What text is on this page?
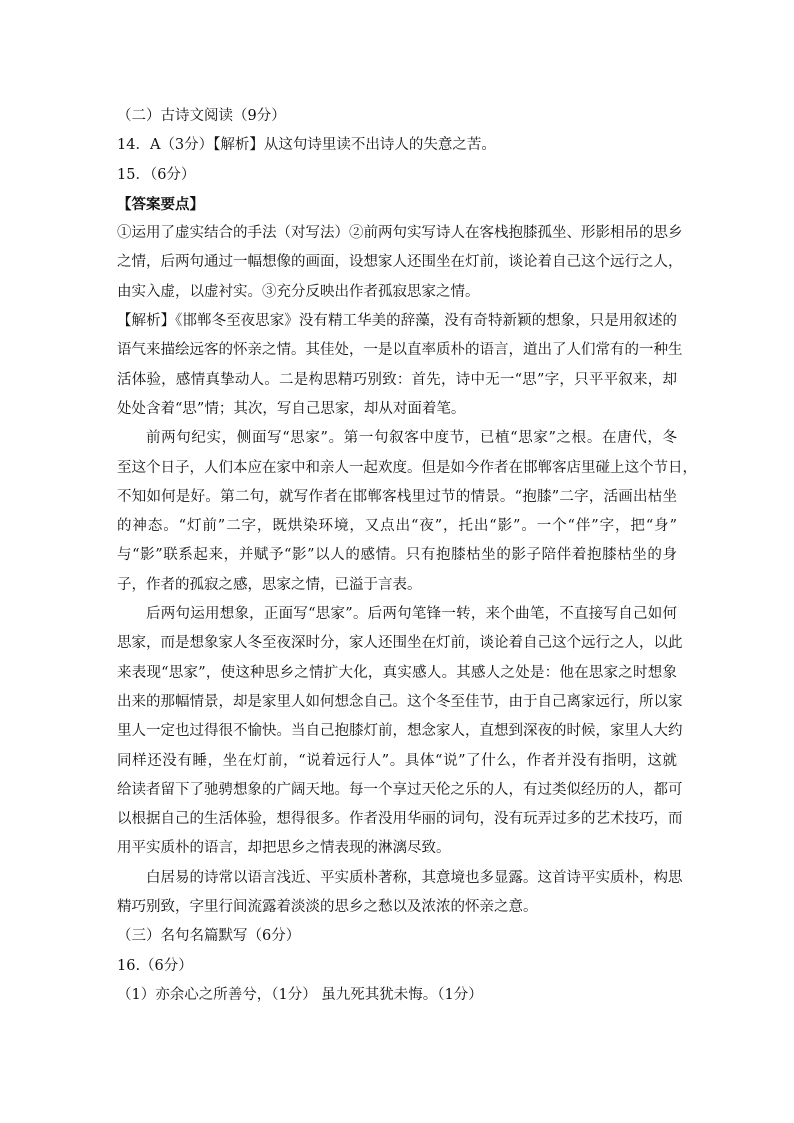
（二）古诗文阅读（9分）
14．A（3分）【解析】从这句诗里读不出诗人的失意之苦。
15．（6分）
【答案要点】
①运用了虚实结合的手法（对写法）②前两句实写诗人在客栈抱膝孤坐、形影相吊的思乡
之情，后两句通过一幅想像的画面，设想家人还围坐在灯前，谈论着自己这个远行之人，
由实入虚，以虚衬实。③充分反映出作者孤寂思家之情。
【解析】《邯郸冬至夜思家》没有精工华美的辞藻，没有奇特新颖的想象，只是用叙述的
语气来描绘远客的怀亲之情。其佳处，一是以直率质朴的语言，道出了人们常有的一种生
活体验，感情真挚动人。二是构思精巧别致：首先，诗中无一“思”字，只平平叙来，却
处处含着“思”情；其次，写自己思家，却从对面着笔。
前两句纪实，侧面写“思家”。第一句叙客中度节，已植“思家”之根。在唐代，冬
至这个日子，人们本应在家中和亲人一起欢度。但是如今作者在邯郸客店里碰上这个节日，
不知如何是好。第二句，就写作者在邯郸客栈里过节的情景。“抱膝”二字，活画出枯坐
的神态。“灯前”二字，既烘染环境，又点出“夜”，托出“影”。一个“伴”字，把“身”
与“影”联系起来，并赋予“影”以人的感情。只有抱膝枯坐的影子陪伴着抱膝枯坐的身
子，作者的孤寂之感，思家之情，已溢于言表。
后两句运用想象，正面写“思家”。后两句笔锋一转，来个曲笔，不直接写自己如何
思家，而是想象家人冬至夜深时分，家人还围坐在灯前，谈论着自己这个远行之人，以此
来表现“思家”，使这种思乡之情扩大化，真实感人。其感人之处是：他在思家之时想象
出来的那幅情景，却是家里人如何想念自己。这个冬至佳节，由于自己离家远行，所以家
里人一定也过得很不愉快。当自己抱膝灯前，想念家人，直想到深夜的时候，家里人大约
同样还没有睡，坐在灯前，“说着远行人”。具体“说”了什么，作者并没有指明，这就
给读者留下了驰骋想象的广阔天地。每一个享过天伦之乐的人，有过类似经历的人，都可
以根据自己的生活体验，想得很多。作者没用华丽的词句，没有玩弄过多的艺术技巧，而
用平实质朴的语言，却把思乡之情表现的淋漓尽致。
白居易的诗常以语言浅近、平实质朴著称，其意境也多显露。这首诗平实质朴，构思
精巧别致，字里行间流露着淡淡的思乡之愁以及浓浓的怀亲之意。
（三）名句名篇默写（6分）
16.（6分）
（1）亦余心之所善兮，（1分） 虽九死其犹未悔。（1分）
